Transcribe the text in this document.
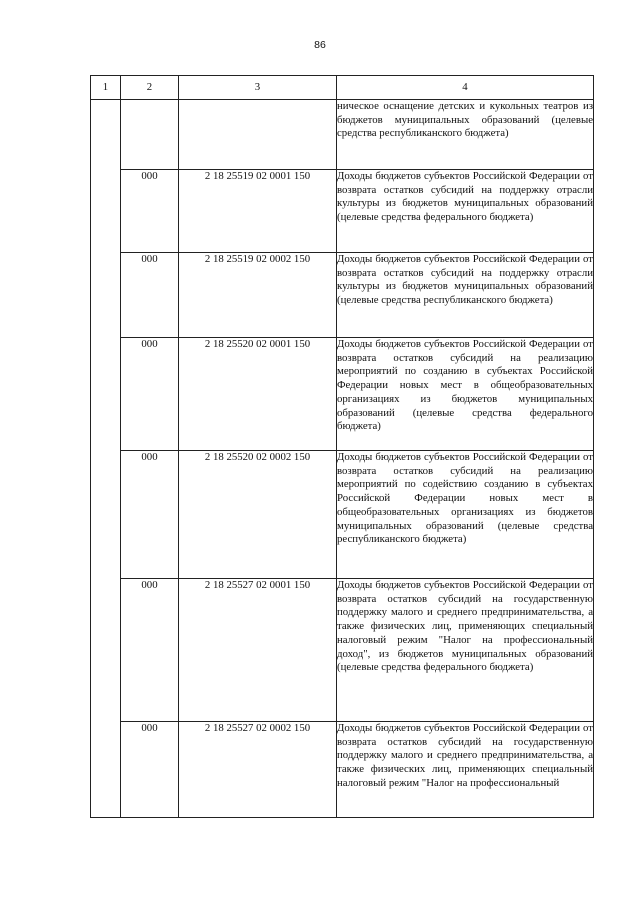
86
1	2	3	4

			ническое оснащение детских и кукольных театров из бюджетов муниципальных образований (целевые средства республиканского бюджета)

	000	2 18 25519 02 0001 150	Доходы бюджетов субъектов Российской Федерации от возврата остатков субсидий на поддержку отрасли культуры из бюджетов муниципальных образований (целевые средства федерального бюджета)

	000	2 18 25519 02 0002 150	Доходы бюджетов субъектов Российской Федерации от возврата остатков субсидий на поддержку отрасли культуры из бюджетов муниципальных образований (целевые средства республиканского бюджета)

	000	2 18 25520 02 0001 150	Доходы бюджетов субъектов Российской Федерации от возврата остатков субсидий на реализацию мероприятий по созданию в субъектах Российской Федерации новых мест в общеобразовательных организациях из бюджетов муниципальных образований (целевые средства федерального бюджета)

	000	2 18 25520 02 0002 150	Доходы бюджетов субъектов Российской Федерации от возврата остатков субсидий на реализацию мероприятий по содействию созданию в субъектах Российской Федерации новых мест в общеобразовательных организациях из бюджетов муниципальных образований (целевые средства республиканского бюджета)

	000	2 18 25527 02 0001 150	Доходы бюджетов субъектов Российской Федерации от возврата остатков субсидий на государственную поддержку малого и среднего предпринимательства, а также физических лиц, применяющих специальный налоговый режим "Налог на профессиональный доход", из бюджетов муниципальных образований (целевые средства федерального бюджета)

	000	2 18 25527 02 0002 150	Доходы бюджетов субъектов Российской Федерации от возврата остатков субсидий на государственную поддержку малого и среднего предпринимательства, а также физических лиц, применяющих специальный налоговый режим "Налог на профессиональный
